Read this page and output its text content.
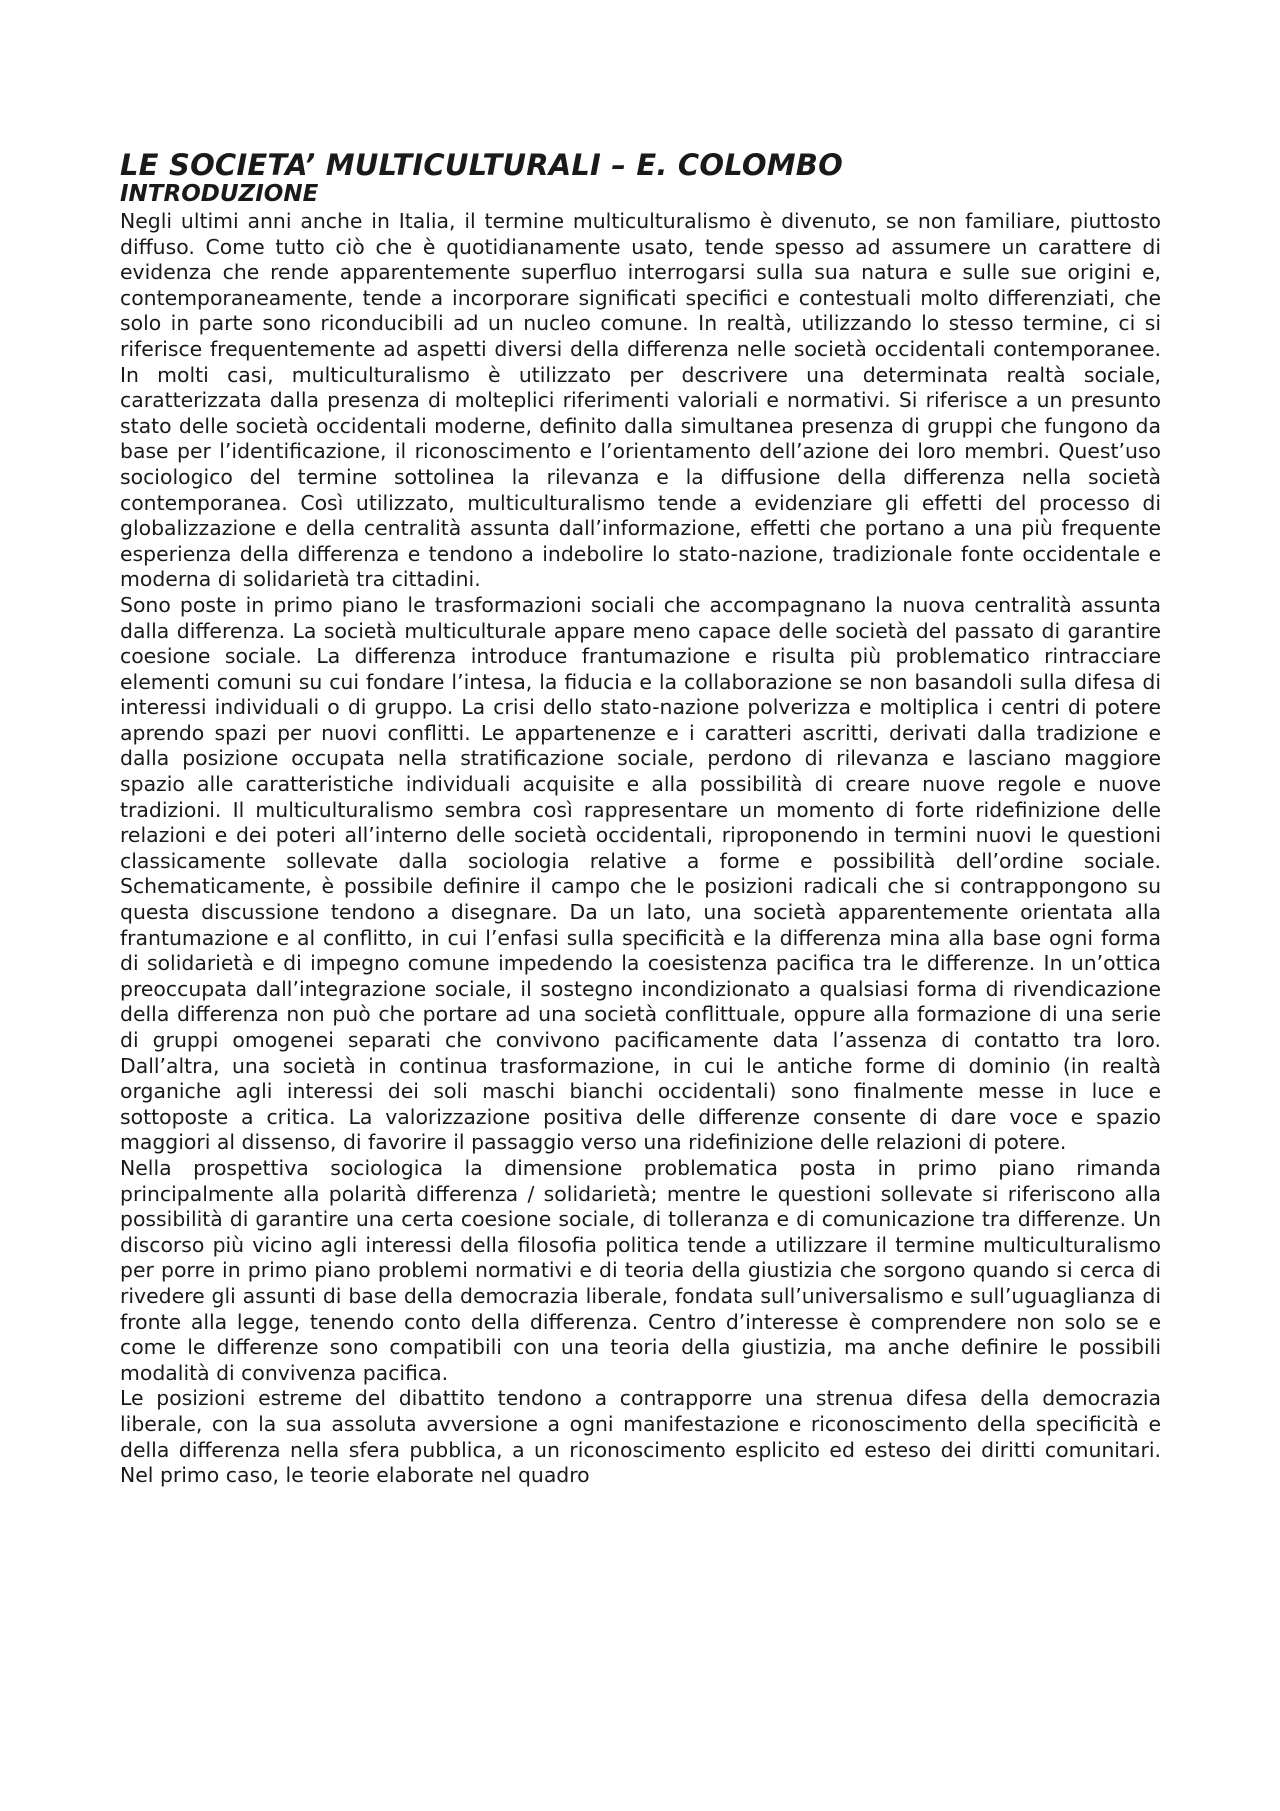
LE SOCIETA’ MULTICULTURALI – E. COLOMBO
INTRODUZIONE

Negli ultimi anni anche in Italia, il termine multiculturalismo è divenuto, se non familiare, piuttosto diffuso. Come tutto ciò che è quotidianamente usato, tende spesso ad assumere un carattere di evidenza che rende apparentemente superfluo interrogarsi sulla sua natura e sulle sue origini e, contemporaneamente, tende a incorporare significati specifici e contestuali molto differenziati, che solo in parte sono riconducibili ad un nucleo comune. In realtà, utilizzando lo stesso termine, ci si riferisce frequentemente ad aspetti diversi della differenza nelle società occidentali contemporanee. In molti casi, multiculturalismo è utilizzato per descrivere una determinata realtà sociale, caratterizzata dalla presenza di molteplici riferimenti valoriali e normativi. Si riferisce a un presunto stato delle società occidentali moderne, definito dalla simultanea presenza di gruppi che fungono da base per l’identificazione, il riconoscimento e l’orientamento dell’azione dei loro membri. Quest’uso sociologico del termine sottolinea la rilevanza e la diffusione della differenza nella società contemporanea. Così utilizzato, multiculturalismo tende a evidenziare gli effetti del processo di globalizzazione e della centralità assunta dall’informazione, effetti che portano a una più frequente esperienza della differenza e tendono a indebolire lo stato-nazione, tradizionale fonte occidentale e moderna di solidarietà tra cittadini.

Sono poste in primo piano le trasformazioni sociali che accompagnano la nuova centralità assunta dalla differenza. La società multiculturale appare meno capace delle società del passato di garantire coesione sociale. La differenza introduce frantumazione e risulta più problematico rintracciare elementi comuni su cui fondare l’intesa, la fiducia e la collaborazione se non basandoli sulla difesa di interessi individuali o di gruppo. La crisi dello stato-nazione polverizza e moltiplica i centri di potere aprendo spazi per nuovi conflitti. Le appartenenze e i caratteri ascritti, derivati dalla tradizione e dalla posizione occupata nella stratificazione sociale, perdono di rilevanza e lasciano maggiore spazio alle caratteristiche individuali acquisite e alla possibilità di creare nuove regole e nuove tradizioni. Il multiculturalismo sembra così rappresentare un momento di forte ridefinizione delle relazioni e dei poteri all’interno delle società occidentali, riproponendo in termini nuovi le questioni classicamente sollevate dalla sociologia relative a forme e possibilità dell’ordine sociale. Schematicamente, è possibile definire il campo che le posizioni radicali che si contrappongono su questa discussione tendono a disegnare. Da un lato, una società apparentemente orientata alla frantumazione e al conflitto, in cui l’enfasi sulla specificità e la differenza mina alla base ogni forma di solidarietà e di impegno comune impedendo la coesistenza pacifica tra le differenze. In un’ottica preoccupata dall’integrazione sociale, il sostegno incondizionato a qualsiasi forma di rivendicazione della differenza non può che portare ad una società conflittuale, oppure alla formazione di una serie di gruppi omogenei separati che convivono pacificamente data l’assenza di contatto tra loro. Dall’altra, una società in continua trasformazione, in cui le antiche forme di dominio (in realtà organiche agli interessi dei soli maschi bianchi occidentali) sono finalmente messe in luce e sottoposte a critica. La valorizzazione positiva delle differenze consente di dare voce e spazio maggiori al dissenso, di favorire il passaggio verso una ridefinizione delle relazioni di potere.

Nella prospettiva sociologica la dimensione problematica posta in primo piano rimanda principalmente alla polarità differenza / solidarietà; mentre le questioni sollevate si riferiscono alla possibilità di garantire una certa coesione sociale, di tolleranza e di comunicazione tra differenze. Un discorso più vicino agli interessi della filosofia politica tende a utilizzare il termine multiculturalismo per porre in primo piano problemi normativi e di teoria della giustizia che sorgono quando si cerca di rivedere gli assunti di base della democrazia liberale, fondata sull’universalismo e sull’uguaglianza di fronte alla legge, tenendo conto della differenza. Centro d’interesse è comprendere non solo se e come le differenze sono compatibili con una teoria della giustizia, ma anche definire le possibili modalità di convivenza pacifica.

Le posizioni estreme del dibattito tendono a contrapporre una strenua difesa della democrazia liberale, con la sua assoluta avversione a ogni manifestazione e riconoscimento della specificità e della differenza nella sfera pubblica, a un riconoscimento esplicito ed esteso dei diritti comunitari. Nel primo caso, le teorie elaborate nel quadro
